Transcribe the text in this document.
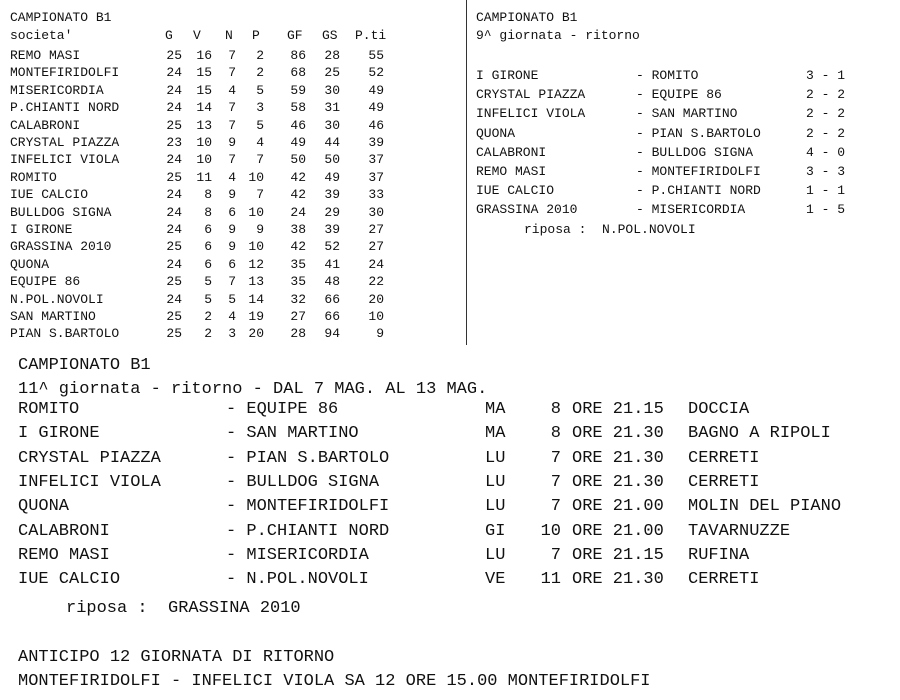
CAMPIONATO B1
societa'	G V N P GF GS P.ti
REMO MASI	25	16	7	2	86	28	55
MONTEFIRIDOLFI	24	15	7	2	68	25	52
MISERICORDIA	24	15	4	5	59	30	49
P.CHIANTI NORD	24	14	7	3	58	31	49
CALABRONI	25	13	7	5	46	30	46
CRYSTAL PIAZZA	23	10	9	4	49	44	39
INFELICI VIOLA	24	10	7	7	50	50	37
ROMITO	25	11	4 10	42	49	37
IUE CALCIO	24	8	9	7	42	39	33
BULLDOG SIGNA	24	8	6 10	24	29	30
I GIRONE	24	6	9	9	38	39	27
GRASSINA 2010	25	6	9 10	42	52	27
QUONA	24	6	6 12	35	41	24
EQUIPE 86	25	5	7 13	35	48	22
N.POL.NOVOLI	24	5	5 14	32	66	20
SAN MARTINO	25	2	4 19	27	66	10
PIAN S.BARTOLO	25	2	3 20	28	94	9
CAMPIONATO B1
9^ giornata - ritorno
I GIRONE	- ROMITO	3 - 1
CRYSTAL PIAZZA	- EQUIPE 86	2 - 2
INFELICI VIOLA	- SAN MARTINO	2 - 2
QUONA	- PIAN S.BARTOLO	2 - 2
CALABRONI	- BULLDOG SIGNA	4 - 0
REMO MASI	- MONTEFIRIDOLFI	3 - 3
IUE CALCIO	- P.CHIANTI NORD	1 - 1
GRASSINA 2010	- MISERICORDIA	1 - 5
riposa :  N.POL.NOVOLI
CAMPIONATO B1
11^ giornata - ritorno - DAL 7 MAG. AL 13 MAG.
ROMITO	- EQUIPE 86	MA	8 ORE 21.15 DOCCIA
I GIRONE	- SAN MARTINO	MA	8 ORE 21.30 BAGNO A RIPOLI
CRYSTAL PIAZZA	- PIAN S.BARTOLO	LU	7 ORE 21.30 CERRETI
INFELICI VIOLA	- BULLDOG SIGNA	LU	7 ORE 21.30 CERRETI
QUONA	- MONTEFIRIDOLFI	LU	7 ORE 21.00 MOLIN DEL PIANO
CALABRONI	- P.CHIANTI NORD	GI	10 ORE 21.00 TAVARNUZZE
REMO MASI	- MISERICORDIA	LU	7 ORE 21.15 RUFINA
IUE CALCIO	- N.POL.NOVOLI	VE	11 ORE 21.30 CERRETI
riposa :  GRASSINA 2010
ANTICIPO 12 GIORNATA DI RITORNO
MONTEFIRIDOLFI - INFELICI VIOLA SA 12 ORE 15.00 MONTEFIRIDOLFI
